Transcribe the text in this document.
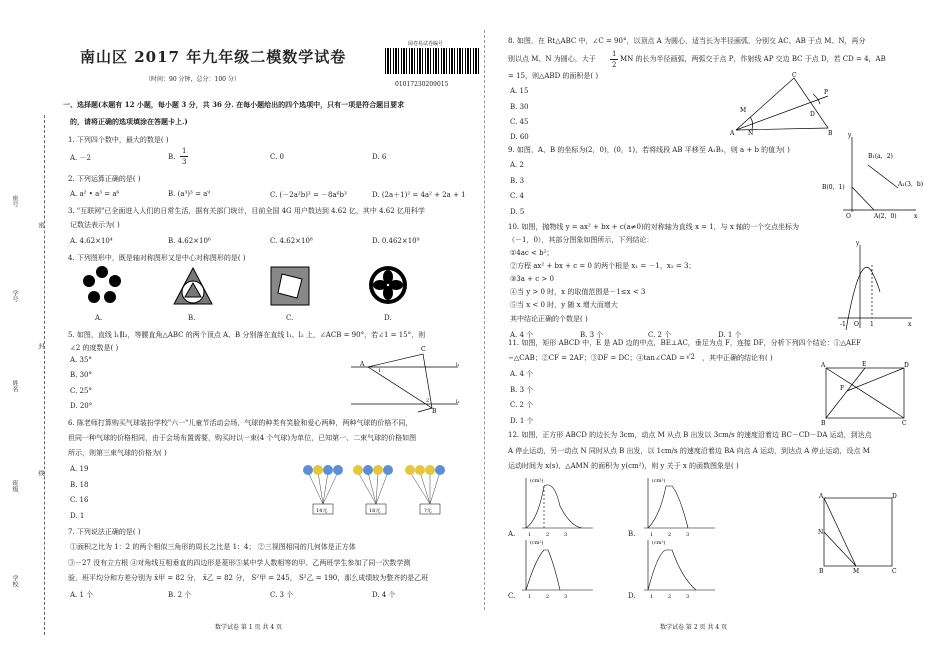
学校
班级
线
姓名
封
学号
密
座号
南山区 2017 年九年级二模数学试卷
（时间：90 分钟，总分：100 分）
阅卷易试卷编号
01017230209015
一、选择题(本题有 12 小题，每小题 3 分，共 36 分. 在每小题给出的四个选项中，只有一项是符合题目要求
的，请将正确的选项填涂在答题卡上.)
1. 下列四个数中，最大的数是( )
A. －2	B.
1
3
C. 0	D. 6
2. 下列运算正确的是( )
A. a² • a³ = a⁶	B. (a³)³ = a⁹	C. (－2a²b)³ = －8a⁶b³	D. (2a＋1)² = 4a² + 2a + 1
3. "互联网"已全面进入人们的日常生活，据有关部门统计，目前全国 4G 用户数达到 4.62 亿，其中 4.62 亿用科学
记数法表示为( )
A. 4.62×10⁴	B. 4.62×10⁶	C. 4.62×10⁸	D. 0.462×10⁹
4. 下列图形中，既是轴对称图形又是中心对称图形的是( )
A.	B.	C.	D.
5. 如图，直线 l₁∥l₂，等腰直角△ABC 的两个顶点 A、B 分别落在直线 l₁、l₂ 上，∠ACB = 90°，若∠1 = 15°，则
∠2 的度数是( )
A. 35°
B. 30°
C. 25°
D. 20°
A
C
B
1
2
l₁
l₂
6. 陈老师打算购买气球装扮学校"六一"儿童节活动会场，气球的种类有笑脸和爱心两种，两种气球的价格不同，
但同一种气球的价格相同，由于会场布置需要，购买时以一束(4 个气球)为单位，已知第一、二束气球的价格如图
所示，则第三束气球的价格为( )
A. 19
B. 18
C. 16
D. 1
14元	18元	?元
7. 下列说法正确的是( )
①面积之比为 1：2 的两个相似三角形的周长之比是 1：4； ②三视图相同的几何体是正方体
③－27 没有立方根 ④对角线互相垂直的四边形是菱形⑤某中学人数相等的甲、乙两班学生参加了同一次数学测
验，班平均分和方差分别为 x̄甲 = 82 分， x̄乙 = 82 分， S²甲 = 245， S²乙 = 190，那么成绩较为整齐的是乙班
A. 1 个	B. 2 个	C. 3 个	D. 4 个
数学试卷 第 1 页 共 4 页
8. 如图，在 Rt△ABC 中，∠C = 90°，以顶点 A 为圆心，适当长为半径画弧，分别交 AC、AB 于点 M、N，再分
别以点 M、N 为圆心，大于
1
2
MN 的长为半径画弧，两弧交于点 P，作射线 AP 交边 BC 于点 D，若 CD = 4，AB
= 15，则△ABD 的面积是( )
A. 15
B. 30
C. 45
D. 60
C
M
P
D
A N	B
9. 如图，A、B 的坐标为(2，0)，(0，1)，若将线段 AB 平移至 A₁B₁，则 a + b 的值为( )
A. 2
B. 3
C. 4
D. 5
y
x
O
B₁(a，2)
A₁(3，b)
B(0，1)
A(2，0)
10. 如图，抛物线 y = ax² + bx + c(a≠0)的对称轴为直线 x = 1，与 x 轴的一个交点坐标为
（－1，0），其部分图象如图所示，下列结论：
①4ac < b²；
②方程 ax² + bx + c = 0 的两个根是 x₁ = －1，x₂ = 3；
③3a + c > 0
④当 y > 0 时，x 的取值范围是－1≤x < 3
⑤当 x < 0 时，y 随 x 增大而增大
其中结论正确的个数是( )
A. 4 个	B. 3 个	C. 2 个	D. 1 个
y
x
-1 O 1
11. 如图，矩形 ABCD 中，E 是 AD 边的中点，BE⊥AC，垂足为点 F，连接 DF，分析下列四个结论：①△AEF
∽△CAB；②CF = 2AF；③DF = DC；④tan∠CAD = √2 ，其中正确的结论有( )
A. 4 个
B. 3 个
C. 2 个
D. 1 个
A	E	D
F
B	C
12. 如图，正方形 ABCD 的边长为 3cm，动点 M 从点 B 出发以 3cm/s 的速度沿着边 BC－CD－DA 运动，到达点
A 停止运动，另一动点 N 同时从点 B 出发，以 1cm/s 的速度沿着边 BA 向点 A 运动，到达点 A 停止运动，设点 M
运动时间为 x(s)，△AMN 的面积为 y(cm²)，则 y 关于 x 的函数图象是( )
(cm²)
1	2	3
A.
(cm²)
1	2	3
B.
(cm²)
1	2	3
C.
(cm²)
1	2	3
D.
A	D
N
B	M	C
数学试卷 第 2 页 共 4 页
